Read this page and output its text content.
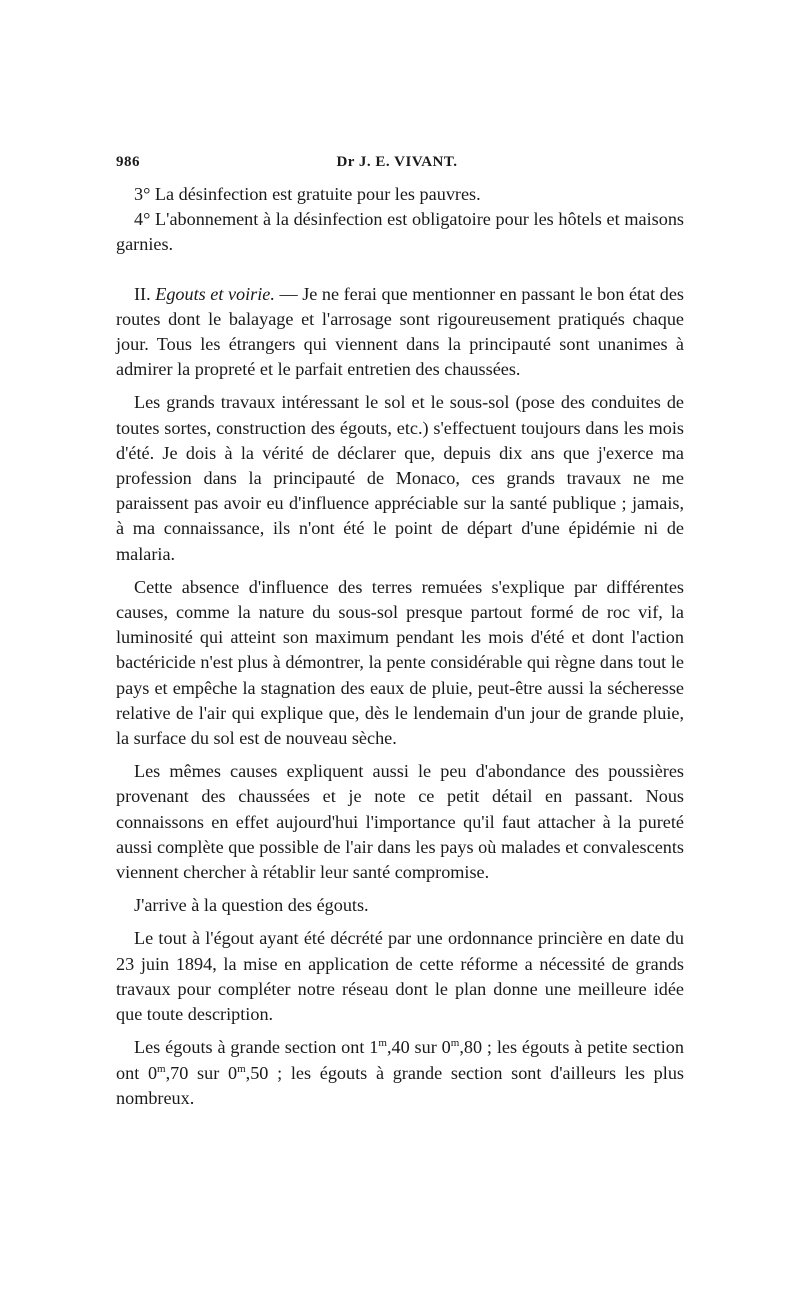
986	Dr J. E. VIVANT.

3° La désinfection est gratuite pour les pauvres.

4° L'abonnement à la désinfection est obligatoire pour les hôtels et maisons garnies.

II. Egouts et voirie. — Je ne ferai que mentionner en passant le bon état des routes dont le balayage et l'arrosage sont rigoureusement pratiqués chaque jour. Tous les étrangers qui viennent dans la principauté sont unanimes à admirer la propreté et le parfait entretien des chaussées.

Les grands travaux intéressant le sol et le sous-sol (pose des conduites de toutes sortes, construction des égouts, etc.) s'effectuent toujours dans les mois d'été. Je dois à la vérité de déclarer que, depuis dix ans que j'exerce ma profession dans la principauté de Monaco, ces grands travaux ne me paraissent pas avoir eu d'influence appréciable sur la santé publique ; jamais, à ma connaissance, ils n'ont été le point de départ d'une épidémie ni de malaria.

Cette absence d'influence des terres remuées s'explique par différentes causes, comme la nature du sous-sol presque partout formé de roc vif, la luminosité qui atteint son maximum pendant les mois d'été et dont l'action bactéricide n'est plus à démontrer, la pente considérable qui règne dans tout le pays et empêche la stagnation des eaux de pluie, peut-être aussi la sécheresse relative de l'air qui explique que, dès le lendemain d'un jour de grande pluie, la surface du sol est de nouveau sèche.

Les mêmes causes expliquent aussi le peu d'abondance des poussières provenant des chaussées et je note ce petit détail en passant. Nous connaissons en effet aujourd'hui l'importance qu'il faut attacher à la pureté aussi complète que possible de l'air dans les pays où malades et convalescents viennent chercher à rétablir leur santé compromise.

J'arrive à la question des égouts.

Le tout à l'égout ayant été décrété par une ordonnance princière en date du 23 juin 1894, la mise en application de cette réforme a nécessité de grands travaux pour compléter notre réseau dont le plan donne une meilleure idée que toute description.

Les égouts à grande section ont 1$^m$,40 sur 0$^m$,80 ; les égouts à petite section ont 0$^m$,70 sur 0$^m$,50 ; les égouts à grande section sont d'ailleurs les plus nombreux.
